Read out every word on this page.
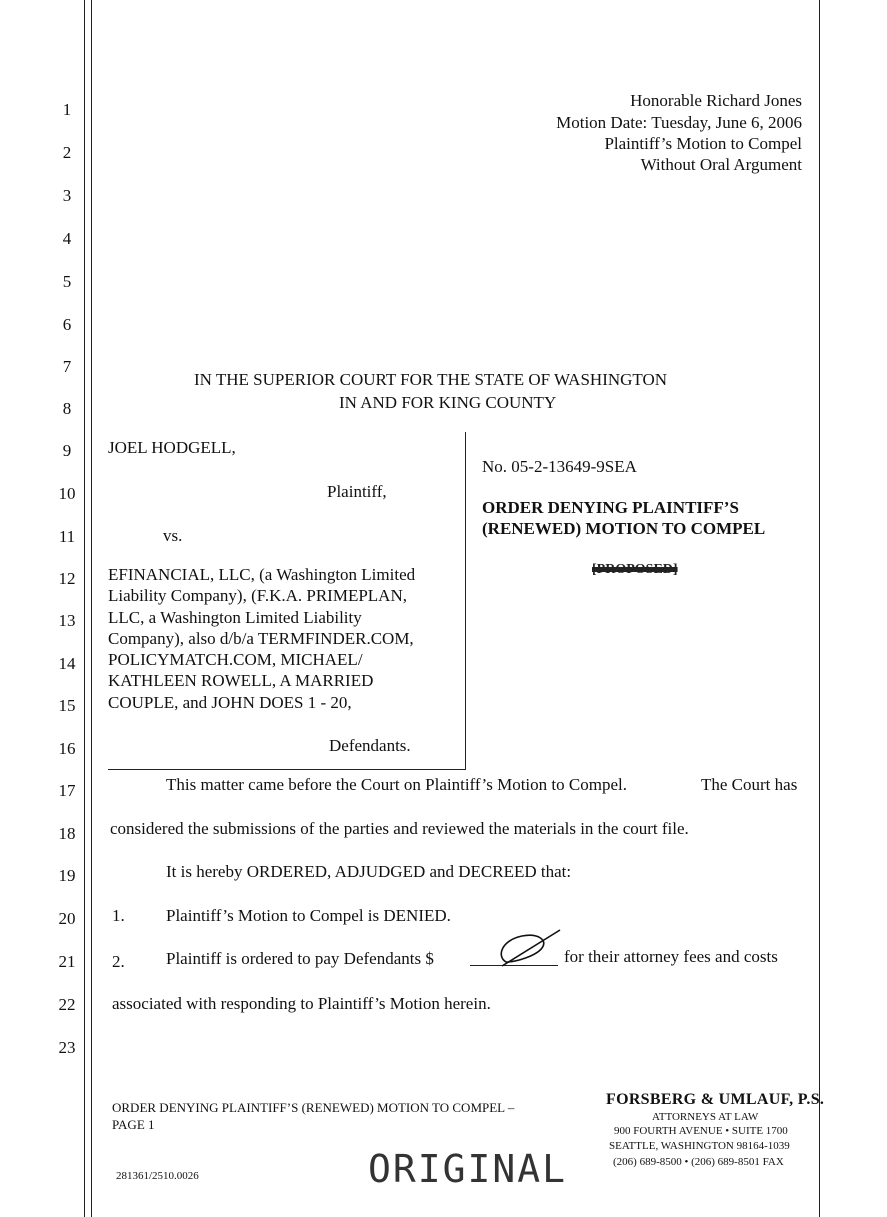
1
2
3
4
5
6
7
8
9
10
11
12
13
14
15
16
17
18
19
20
21
22
23
Honorable Richard Jones
Motion Date: Tuesday, June 6, 2006
Plaintiff’s Motion to Compel
Without Oral Argument
IN THE SUPERIOR COURT FOR THE STATE OF WASHINGTON
IN AND FOR KING COUNTY
JOEL HODGELL,
Plaintiff,
vs.
EFINANCIAL, LLC, (a Washington Limited
Liability Company), (F.K.A. PRIMEPLAN,
LLC, a Washington Limited Liability
Company), also d/b/a TERMFINDER.COM,
POLICYMATCH.COM, MICHAEL/
KATHLEEN ROWELL, A MARRIED
COUPLE, and JOHN DOES 1 - 20,
Defendants.
No. 05-2-13649-9SEA
ORDER DENYING PLAINTIFF’S
(RENEWED) MOTION TO COMPEL
[PROPOSED]
This matter came before the Court on Plaintiff’s Motion to Compel.	The Court has
considered the submissions of the parties and reviewed the materials in the court file.
It is hereby ORDERED, ADJUDGED and DECREED that:
1. Plaintiff’s Motion to Compel is DENIED.
2. Plaintiff is ordered to pay Defendants $	for their attorney fees and costs
associated with responding to Plaintiff’s Motion herein.
ORDER DENYING PLAINTIFF’S (RENEWED) MOTION TO COMPEL –
PAGE 1
281361/2510.0026	ORIGINAL
FORSBERG & UMLAUF, P.S.
ATTORNEYS AT LAW
900 FOURTH AVENUE • SUITE 1700
SEATTLE, WASHINGTON 98164-1039
(206) 689-8500 • (206) 689-8501 FAX
